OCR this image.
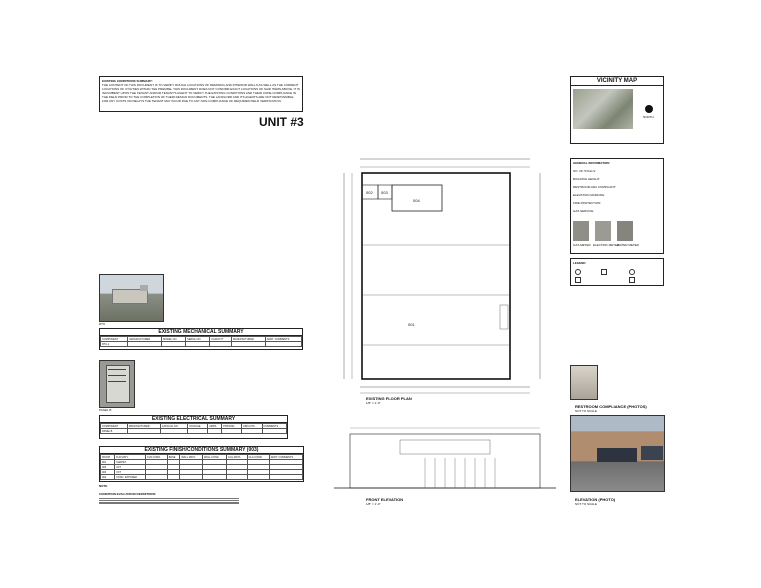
EXISTING CONDITIONS SUMMARY:
THE CONTENT OF THIS DOCUMENT IS TO VERIFY ROUGH LOCATIONS OF DEMISING AND INTERIOR WALLS AS WELL AS THE CURRENT LOCATIONS OF UTILITIES WITHIN THE PREMISE. THIS DOCUMENT DOES NOT CONFIRM EXACT LOCATIONS OF SAID ITEMS ABOVE. IT IS INCUMBENT UPON THE TENANT AND/OR TENANT'S AGENT TO VERIFY THE EXISTING CONDITIONS AND THEIR CODE COMPLIANCE IN THE FIELD PRIOR TO THE COMPLETION OF THEIR DESIGN DOCUMENTS. THE LANDLORD AND ITS AGENTS ARE NOT RESPONSIBLE FOR ANY COSTS OR DELAYS THE TENANT MAY INCUR DUE TO ANY NON-COMPLIANCE OF REQUIRED FIELD VERIFICATION.
UNIT #3
RTU
EXISTING MECHANICAL SUMMARY
COMPONENT	MANUFACTURER	MODEL NO.	SERIAL NO.	CAPACITY	MANUFACTURED	ADDT. COMMENTS
RTU-1						
PANEL B
EXISTING ELECTRICAL SUMMARY
COMPONENT	MANUFACTURER	CATALOG NO.	VOLTAGE	AMPS	PHASING	CIRCUITS	COMMENTS
PANEL B							
EXISTING FINISH/CONDITIONS SUMMARY (003)
ROOM	FLR MAT'L	FLR COND.	BASE	WALL MAT'L	WALL COND.	CLG MAT'L	CLG COND.	ADDT. COMMENTS
001	CARPET							
002	VCT							
003	VCT							
004	CONC. EXPOSED							
NOTE
CONDITION EVALUATION DEFINITIONS
002 003
004
001
EXISTING FLOOR PLAN
1/8" = 1'-0"
FRONT ELEVATION
1/8" = 1'-0"
VICINITY MAP
NORTH
GENERAL INFORMATION
NO. OF STALLS:
BUILDING HEIGHT:
RESTROOM ADA COMPLIANT:
ELEVATION MARKING:
FIRE PROTECTION:
GAS SERVICE:
GAS METER ELECTRIC METER
WATER METER
LEGEND
RESTROOM COMPLIANCE (PHOTOS)
NOT TO SCALE
ELEVATION (PHOTO)
NOT TO SCALE
